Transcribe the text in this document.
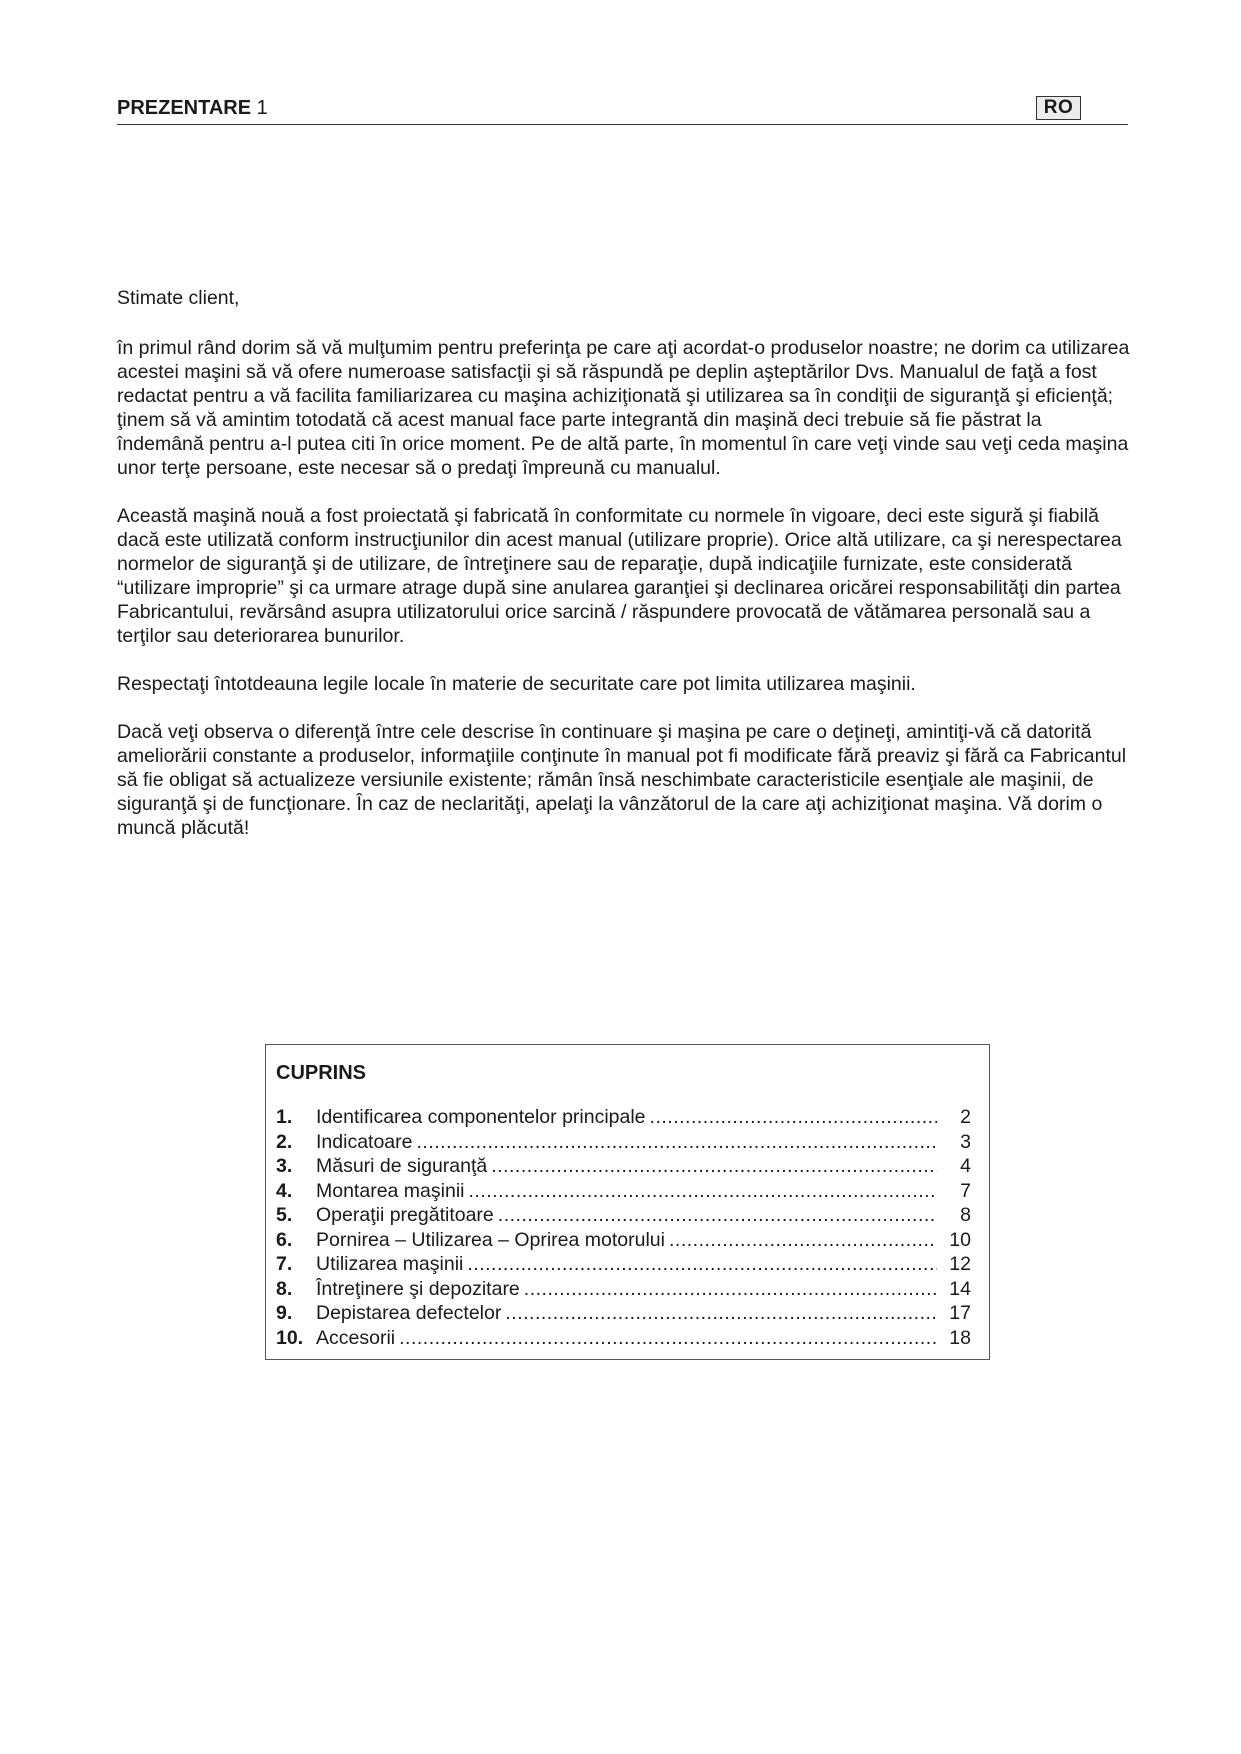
PREZENTARE 1	RO

Stimate client,

în primul rând dorim să vă mulţumim pentru preferinţa pe care aţi acordat-o produselor noastre; ne dorim ca utilizarea acestei maşini să vă ofere numeroase satisfacţii şi să răspundă pe deplin aşteptărilor Dvs. Manualul de faţă a fost redactat pentru a vă facilita familiarizarea cu maşina achiziţionată şi utilizarea sa în condiţii de siguranţă şi eficienţă; ţinem să vă amintim totodată că acest manual face parte integrantă din maşină deci trebuie să fie păstrat la îndemână pentru a-l putea citi în orice moment. Pe de altă parte, în momentul în care veţi vinde sau veţi ceda maşina unor terţe persoane, este necesar să o predaţi împreună cu manualul.

Această maşină nouă a fost proiectată şi fabricată în conformitate cu normele în vigoare, deci este sigură şi fiabilă dacă este utilizată conform instrucţiunilor din acest manual (utilizare proprie). Orice altă utilizare, ca şi nerespectarea normelor de siguranţă şi de utilizare, de întreţinere sau de reparaţie, după indicaţiile furnizate, este considerată “utilizare improprie” şi ca urmare atrage după sine anularea garanţiei şi declinarea oricărei responsabilităţi din partea Fabricantului, revărsând asupra utilizatorului orice sarcină / răspundere provocată de vătămarea personală sau a terţilor sau deteriorarea bunurilor.

Respectaţi întotdeauna legile locale în materie de securitate care pot limita utilizarea maşinii.

Dacă veţi observa o diferenţă între cele descrise în continuare şi maşina pe care o deţineţi, amintiţi-vă că datorită ameliorării constante a produselor, informaţiile conţinute în manual pot fi modificate fără preaviz şi fără ca Fabricantul să fie obligat să actualizeze versiunile existente; rămân însă neschimbate caracteristicile esenţiale ale maşinii, de siguranţă şi de funcţionare. În caz de neclarităţi, apelaţi la vânzătorul de la care aţi achiziţionat maşina. Vă dorim o muncă plăcută!

CUPRINS
1.	Identificarea componentelor principale .....	2
2.	Indicatoare .....	3
3.	Măsuri de siguranţă .....	4
4.	Montarea maşinii .....	7
5.	Operaţii pregătitoare .....	8
6.	Pornirea – Utilizarea – Oprirea motorului .....	10
7.	Utilizarea maşinii .....	12
8.	Întreţinere şi depozitare .....	14
9.	Depistarea defectelor .....	17
10. Accesorii .....	18
